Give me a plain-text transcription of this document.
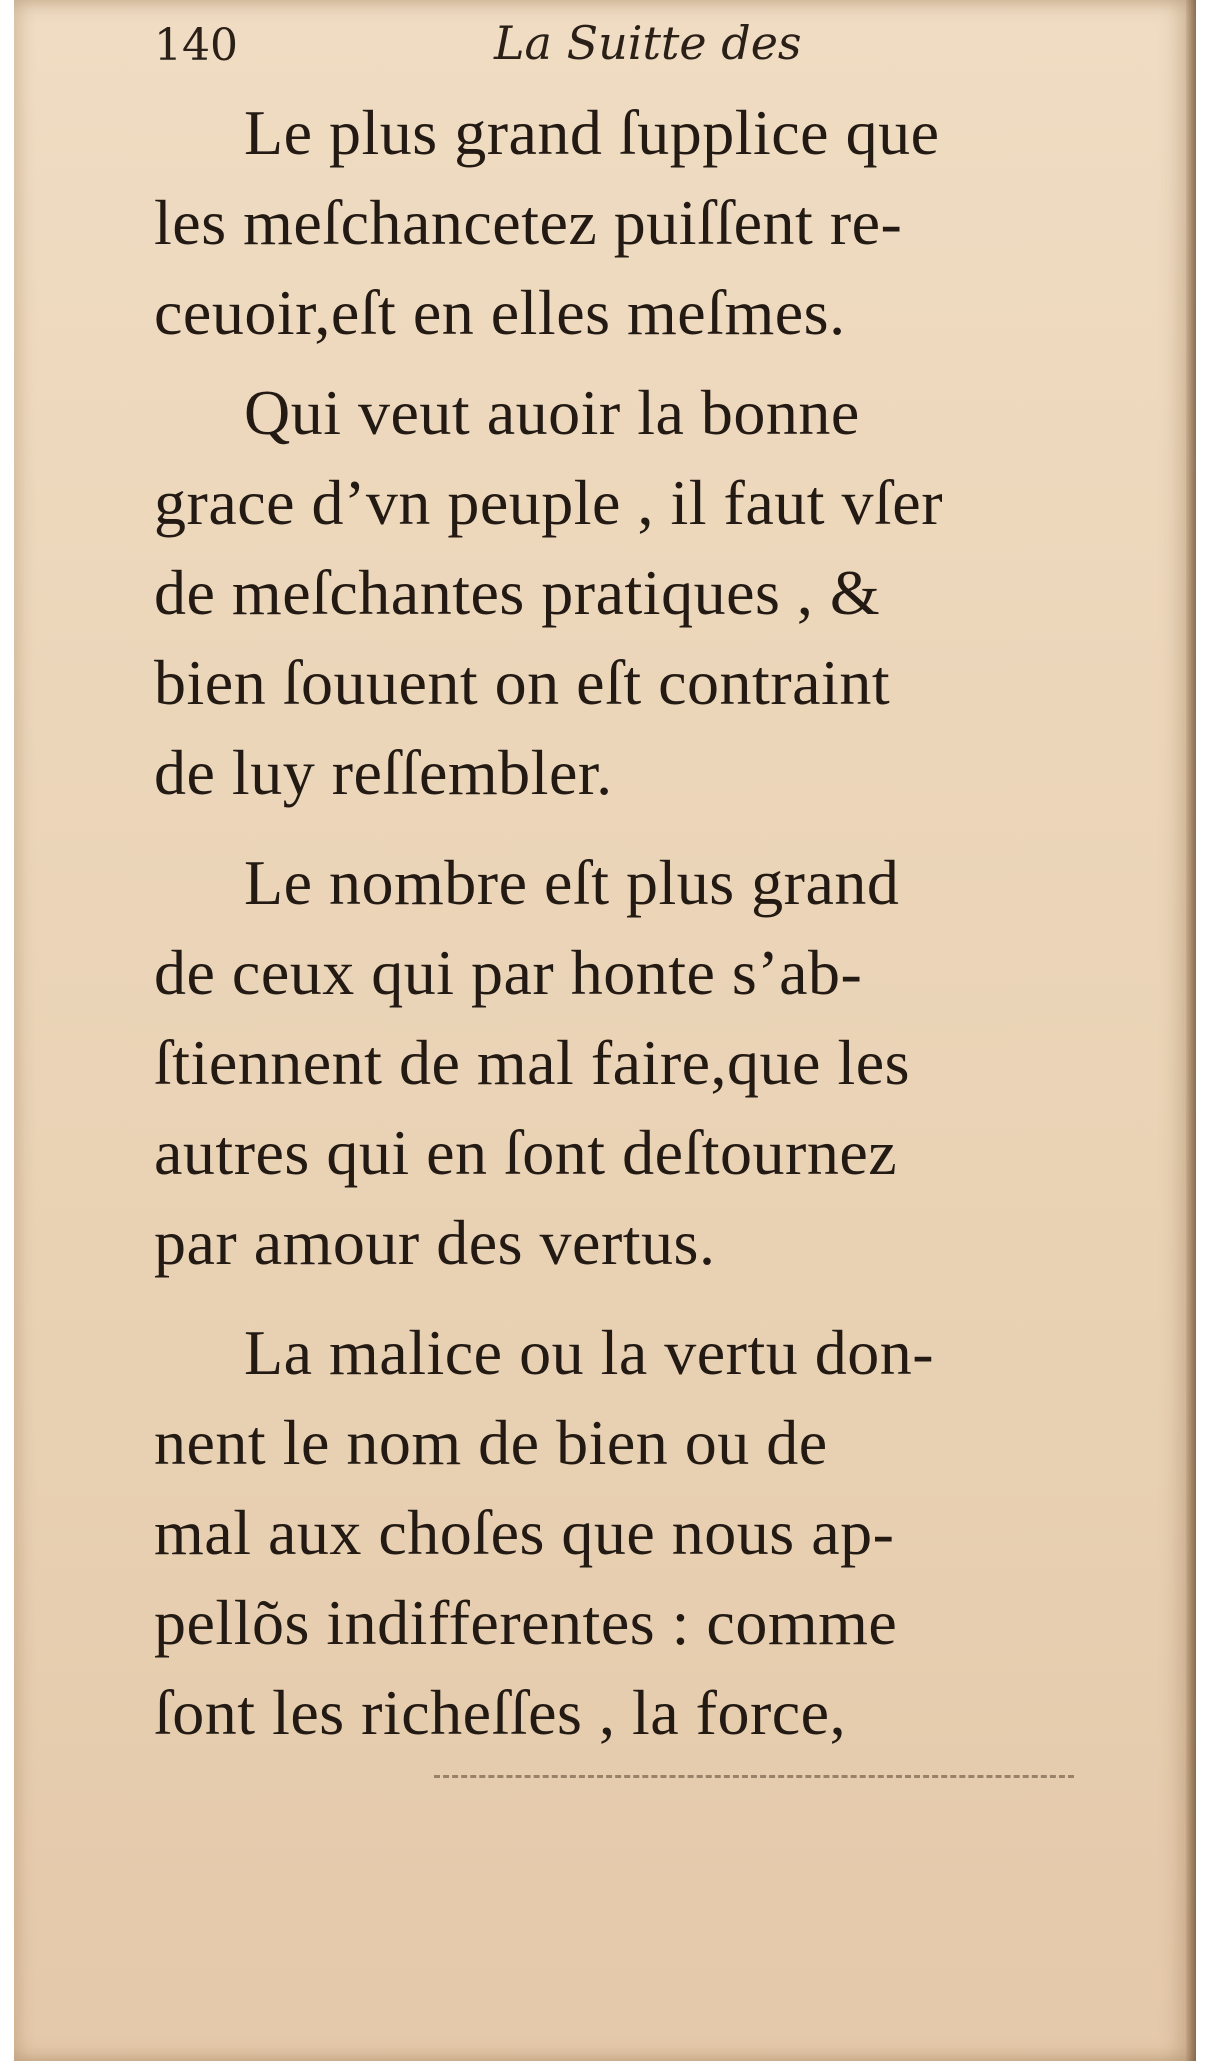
140	La Suitte des
Le plus grand ſupplice que
les meſchancetez puiſſent re-
ceuoir,eſt en elles meſmes.
Qui veut auoir la bonne
grace d’vn peuple , il faut vſer
de meſchantes pratiques , &
bien ſouuent on eſt contraint
de luy reſſembler.
Le nombre eſt plus grand
de ceux qui par honte s’ab-
ſtiennent de mal faire,que les
autres qui en ſont deſtournez
par amour des vertus.
La malice ou la vertu don-
nent le nom de bien ou de
mal aux choſes que nous ap-
pellõs indifferentes : comme
ſont les richeſſes , la force,
